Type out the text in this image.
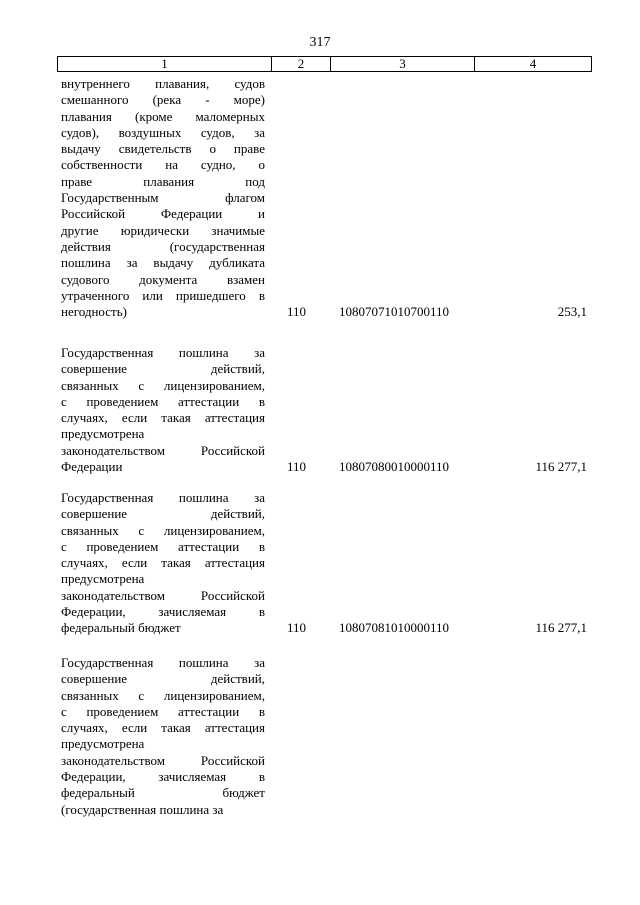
317
1	2	3	4
внутреннего плавания, судов
смешанного (река - море)
плавания (кроме маломерных
судов), воздушных судов, за
выдачу свидетельств о праве
собственности на судно, о
праве плавания под
Государственным флагом
Российской Федерации и
другие юридически значимые
действия (государственная
пошлина за выдачу дубликата
судового документа взамен
утраченного или пришедшего в
негодность)	110	10807071010700110	253,1
Государственная пошлина за
совершение действий,
связанных с лицензированием,
с проведением аттестации в
случаях, если такая аттестация
предусмотрена
законодательством Российской
Федерации	110	10807080010000110	116 277,1
Государственная пошлина за
совершение действий,
связанных с лицензированием,
с проведением аттестации в
случаях, если такая аттестация
предусмотрена
законодательством Российской
Федерации, зачисляемая в
федеральный бюджет	110	10807081010000110	116 277,1
Государственная пошлина за
совершение действий,
связанных с лицензированием,
с проведением аттестации в
случаях, если такая аттестация
предусмотрена
законодательством Российской
Федерации, зачисляемая в
федеральный бюджет
(государственная пошлина за
